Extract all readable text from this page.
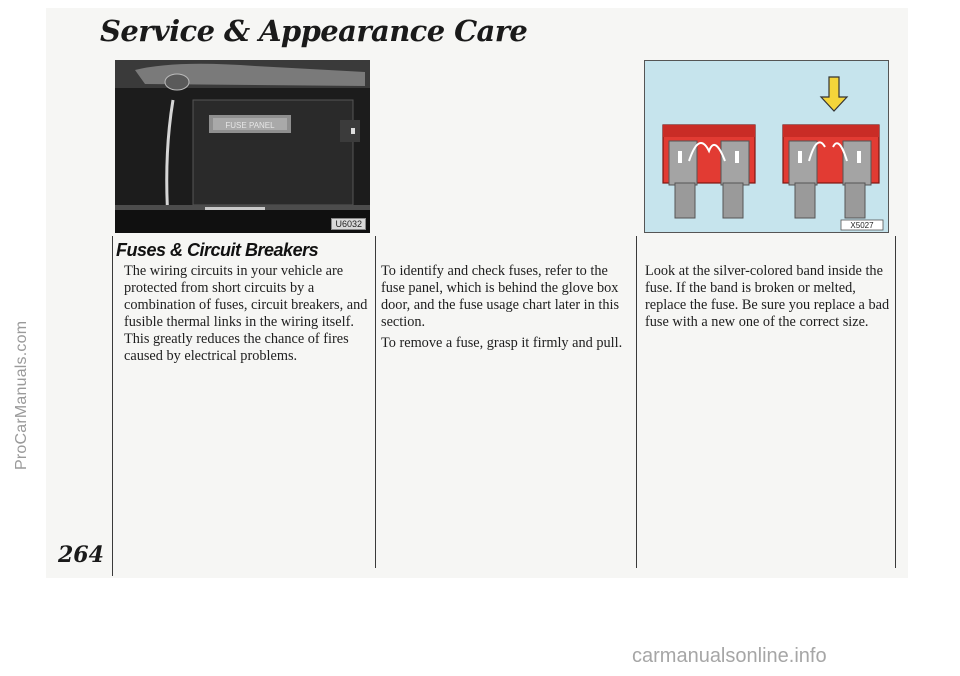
Service & Appearance Care
FUSE PANEL
U6032	X5027
Fuses & Circuit Breakers

The wiring circuits in your vehicle are protected from short circuits by a combination of fuses, circuit breakers, and fusible thermal links in the wiring itself. This greatly reduces the chance of fires caused by electrical problems.

To identify and check fuses, refer to the fuse panel, which is behind the glove box door, and the fuse usage chart later in this section.

To remove a fuse, grasp it firmly and pull.

Look at the silver-colored band inside the fuse. If the band is broken or melted, replace the fuse. Be sure you replace a bad fuse with a new one of the correct size.

264
ProCarManuals.com
carmanualsonline.info
